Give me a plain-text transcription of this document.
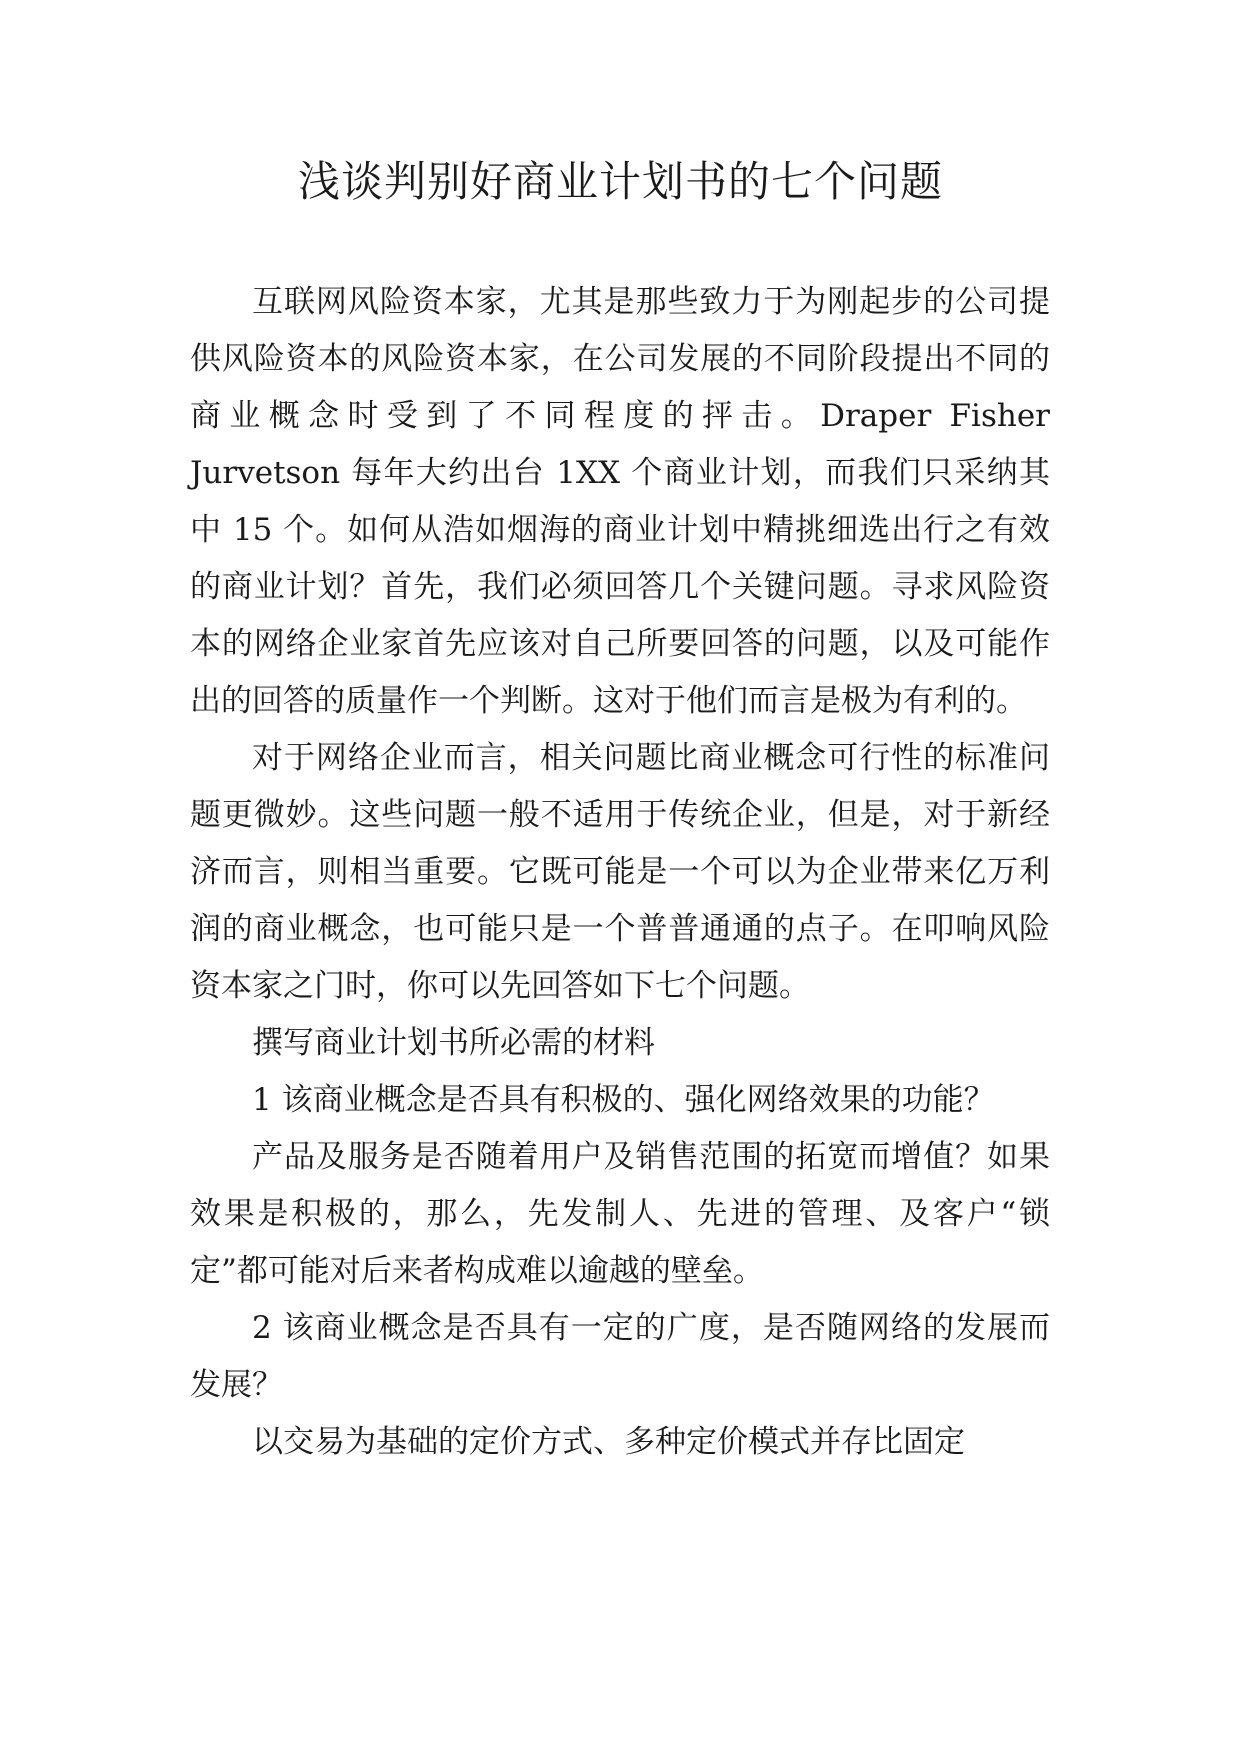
浅谈判别好商业计划书的七个问题

互联网风险资本家，尤其是那些致力于为刚起步的公司提供风险资本的风险资本家，在公司发展的不同阶段提出不同的商业概念时受到了不同程度的抨击。Draper Fisher Jurvetson 每年大约出台 1XX 个商业计划，而我们只采纳其中 15 个。如何从浩如烟海的商业计划中精挑细选出行之有效的商业计划？首先，我们必须回答几个关键问题。寻求风险资本的网络企业家首先应该对自己所要回答的问题，以及可能作出的回答的质量作一个判断。这对于他们而言是极为有利的。

对于网络企业而言，相关问题比商业概念可行性的标准问题更微妙。这些问题一般不适用于传统企业，但是，对于新经济而言，则相当重要。它既可能是一个可以为企业带来亿万利润的商业概念，也可能只是一个普普通通的点子。在叩响风险资本家之门时，你可以先回答如下七个问题。

撰写商业计划书所必需的材料

1 该商业概念是否具有积极的、强化网络效果的功能？

产品及服务是否随着用户及销售范围的拓宽而增值？如果效果是积极的，那么，先发制人、先进的管理、及客户“锁定”都可能对后来者构成难以逾越的壁垒。

2 该商业概念是否具有一定的广度，是否随网络的发展而发展？

以交易为基础的定价方式、多种定价模式并存比固定
